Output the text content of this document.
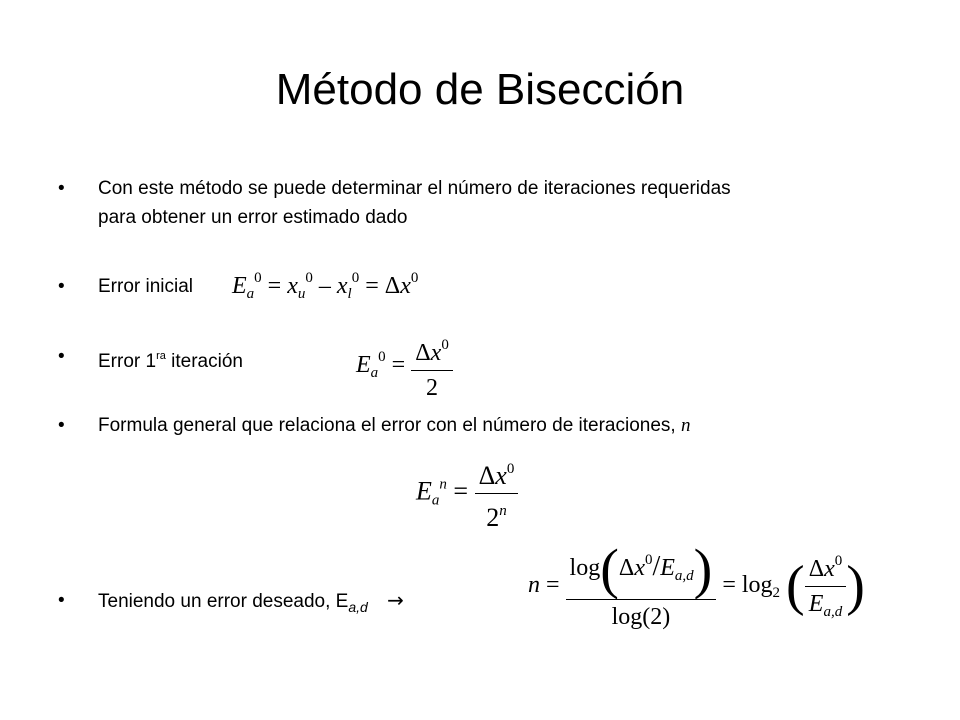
Método de Bisección
• Con este método se puede determinar el número de iteraciones requeridas
para obtener un error estimado dado
• Error inicial $E_a^0 = x_u^0 - x_l^0 = \Delta x^0$
• Error $1^{ra}$ iteración	$E_a^0 = \frac{\Delta x^0}{2}$
• Formula general que relaciona el error con el número de iteraciones, n
$E_a^n = \frac{\Delta x^0}{2^n}$
• Teniendo un error deseado, $E_{a,d}$ →
$n = \frac{\log(\Delta x^0/E_{a,d})}{\log(2)} = \log_2$ ( $\frac{\Delta x^0}{E_{a,d}}$ )
